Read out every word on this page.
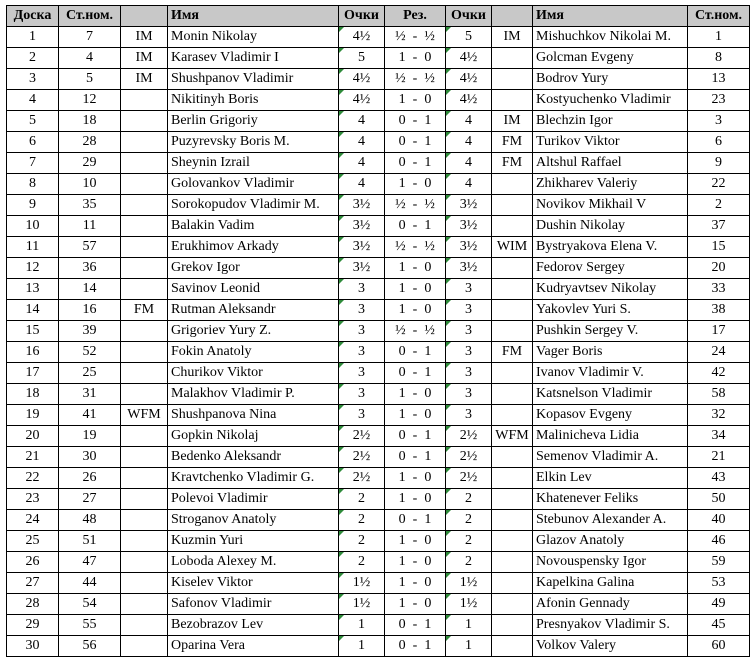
Доска	Ст.ном.		Имя	Очки	Рез.	Очки		Имя	Ст.ном.
1	7	IM	Monin Nikolay	4½	½  -  ½	5	IM	Mishuchkov Nikolai M.	1
2	4	IM	Karasev Vladimir I	5	1  -  0	4½		Golcman Evgeny	8
3	5	IM	Shushpanov Vladimir	4½	½  -  ½	4½		Bodrov Yury	13
4	12		Nikitinyh Boris	4½	1  -  0	4½		Kostyuchenko Vladimir	23
5	18		Berlin Grigoriy	4	0  -  1	4	IM	Blechzin Igor	3
6	28		Puzyrevsky Boris M.	4	0  -  1	4	FM	Turikov Viktor	6
7	29		Sheynin Izrail	4	0  -  1	4	FM	Altshul Raffael	9
8	10		Golovankov Vladimir	4	1  -  0	4		Zhikharev Valeriy	22
9	35		Sorokopudov Vladimir M.	3½	½  -  ½	3½		Novikov Mikhail V	2
10	11		Balakin Vadim	3½	0  -  1	3½		Dushin Nikolay	37
11	57		Erukhimov Arkady	3½	½  -  ½	3½	WIM	Bystryakova Elena V.	15
12	36		Grekov Igor	3½	1  -  0	3½		Fedorov Sergey	20
13	14		Savinov Leonid	3	1  -  0	3		Kudryavtsev Nikolay	33
14	16	FM	Rutman Aleksandr	3	1  -  0	3		Yakovlev Yuri S.	38
15	39		Grigoriev Yury Z.	3	½  -  ½	3		Pushkin Sergey V.	17
16	52		Fokin Anatoly	3	0  -  1	3	FM	Vager Boris	24
17	25		Churikov Viktor	3	0  -  1	3		Ivanov Vladimir V.	42
18	31		Malakhov Vladimir P.	3	1  -  0	3		Katsnelson Vladimir	58
19	41	WFM	Shushpanova Nina	3	1  -  0	3		Kopasov Evgeny	32
20	19		Gopkin Nikolaj	2½	0  -  1	2½	WFM	Malinicheva Lidia	34
21	30		Bedenko Aleksandr	2½	0  -  1	2½		Semenov Vladimir A.	21
22	26		Kravtchenko Vladimir G.	2½	1  -  0	2½		Elkin Lev	43
23	27		Polevoi Vladimir	2	1  -  0	2		Khatenever Feliks	50
24	48		Stroganov Anatoly	2	0  -  1	2		Stebunov Alexander A.	40
25	51		Kuzmin Yuri	2	1  -  0	2		Glazov Anatoly	46
26	47		Loboda Alexey M.	2	1  -  0	2		Novouspensky Igor	59
27	44		Kiselev Viktor	1½	1  -  0	1½		Kapelkina Galina	53
28	54		Safonov Vladimir	1½	1  -  0	1½		Afonin Gennady	49
29	55		Bezobrazov Lev	1	0  -  1	1		Presnyakov Vladimir S.	45
30	56		Oparina Vera	1	0  -  1	1		Volkov Valery	60
